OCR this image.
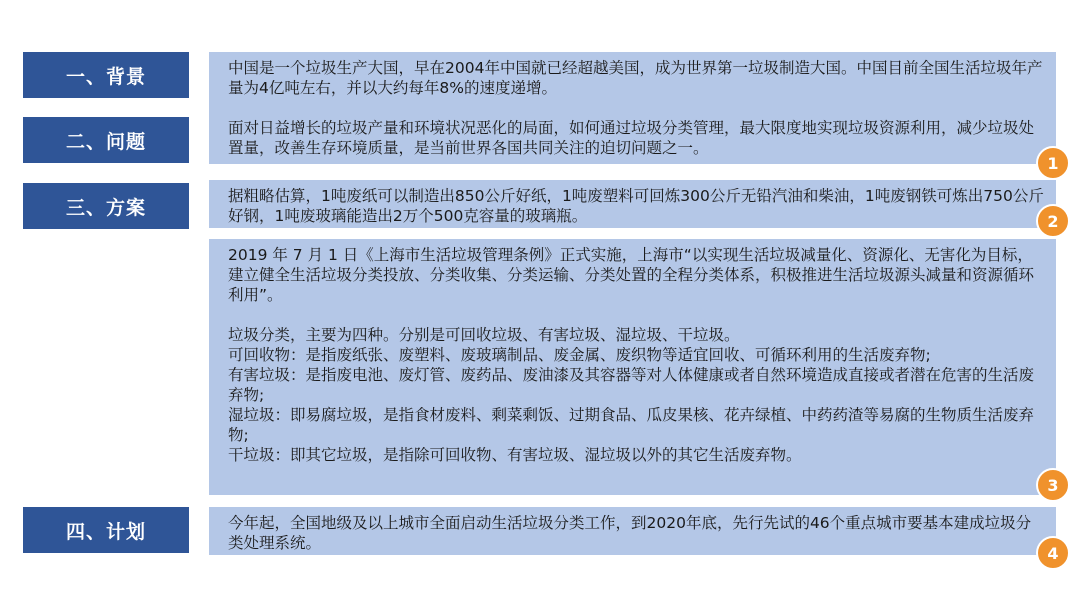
一、背景
二、问题
三、方案
四、计划

中国是一个垃圾生产大国，早在2004年中国就已经超越美国，成为世界第一垃圾制造大国。中国目前全国生活垃圾年产量为4亿吨左右，并以大约每年8%的速度递增。

面对日益增长的垃圾产量和环境状况恶化的局面，如何通过垃圾分类管理，最大限度地实现垃圾资源利用，减少垃圾处置量，改善生存环境质量，是当前世界各国共同关注的迫切问题之一。

1

据粗略估算，1吨废纸可以制造出850公斤好纸，1吨废塑料可回炼300公斤无铅汽油和柴油，1吨废钢铁可炼出750公斤好钢，1吨废玻璃能造出2万个500克容量的玻璃瓶。	2

2019 年 7 月 1 日《上海市生活垃圾管理条例》正式实施，上海市“以实现生活垃圾减量化、资源化、无害化为目标，建立健全生活垃圾分类投放、分类收集、分类运输、分类处置的全程分类体系，积极推进生活垃圾源头减量和资源循环利用”。

垃圾分类，主要为四种。分别是可回收垃圾、有害垃圾、湿垃圾、干垃圾。

可回收物：是指废纸张、废塑料、废玻璃制品、废金属、废织物等适宜回收、可循环利用的生活废弃物;

有害垃圾：是指废电池、废灯管、废药品、废油漆及其容器等对人体健康或者自然环境造成直接或者潜在危害的生活废弃物;

湿垃圾：即易腐垃圾，是指食材废料、剩菜剩饭、过期食品、瓜皮果核、花卉绿植、中药药渣等易腐的生物质生活废弃物;

干垃圾：即其它垃圾，是指除可回收物、有害垃圾、湿垃圾以外的其它生活废弃物。

3

今年起，全国地级及以上城市全面启动生活垃圾分类工作，到2020年底，先行先试的46个重点城市要基本建成垃圾分类处理系统。

4
